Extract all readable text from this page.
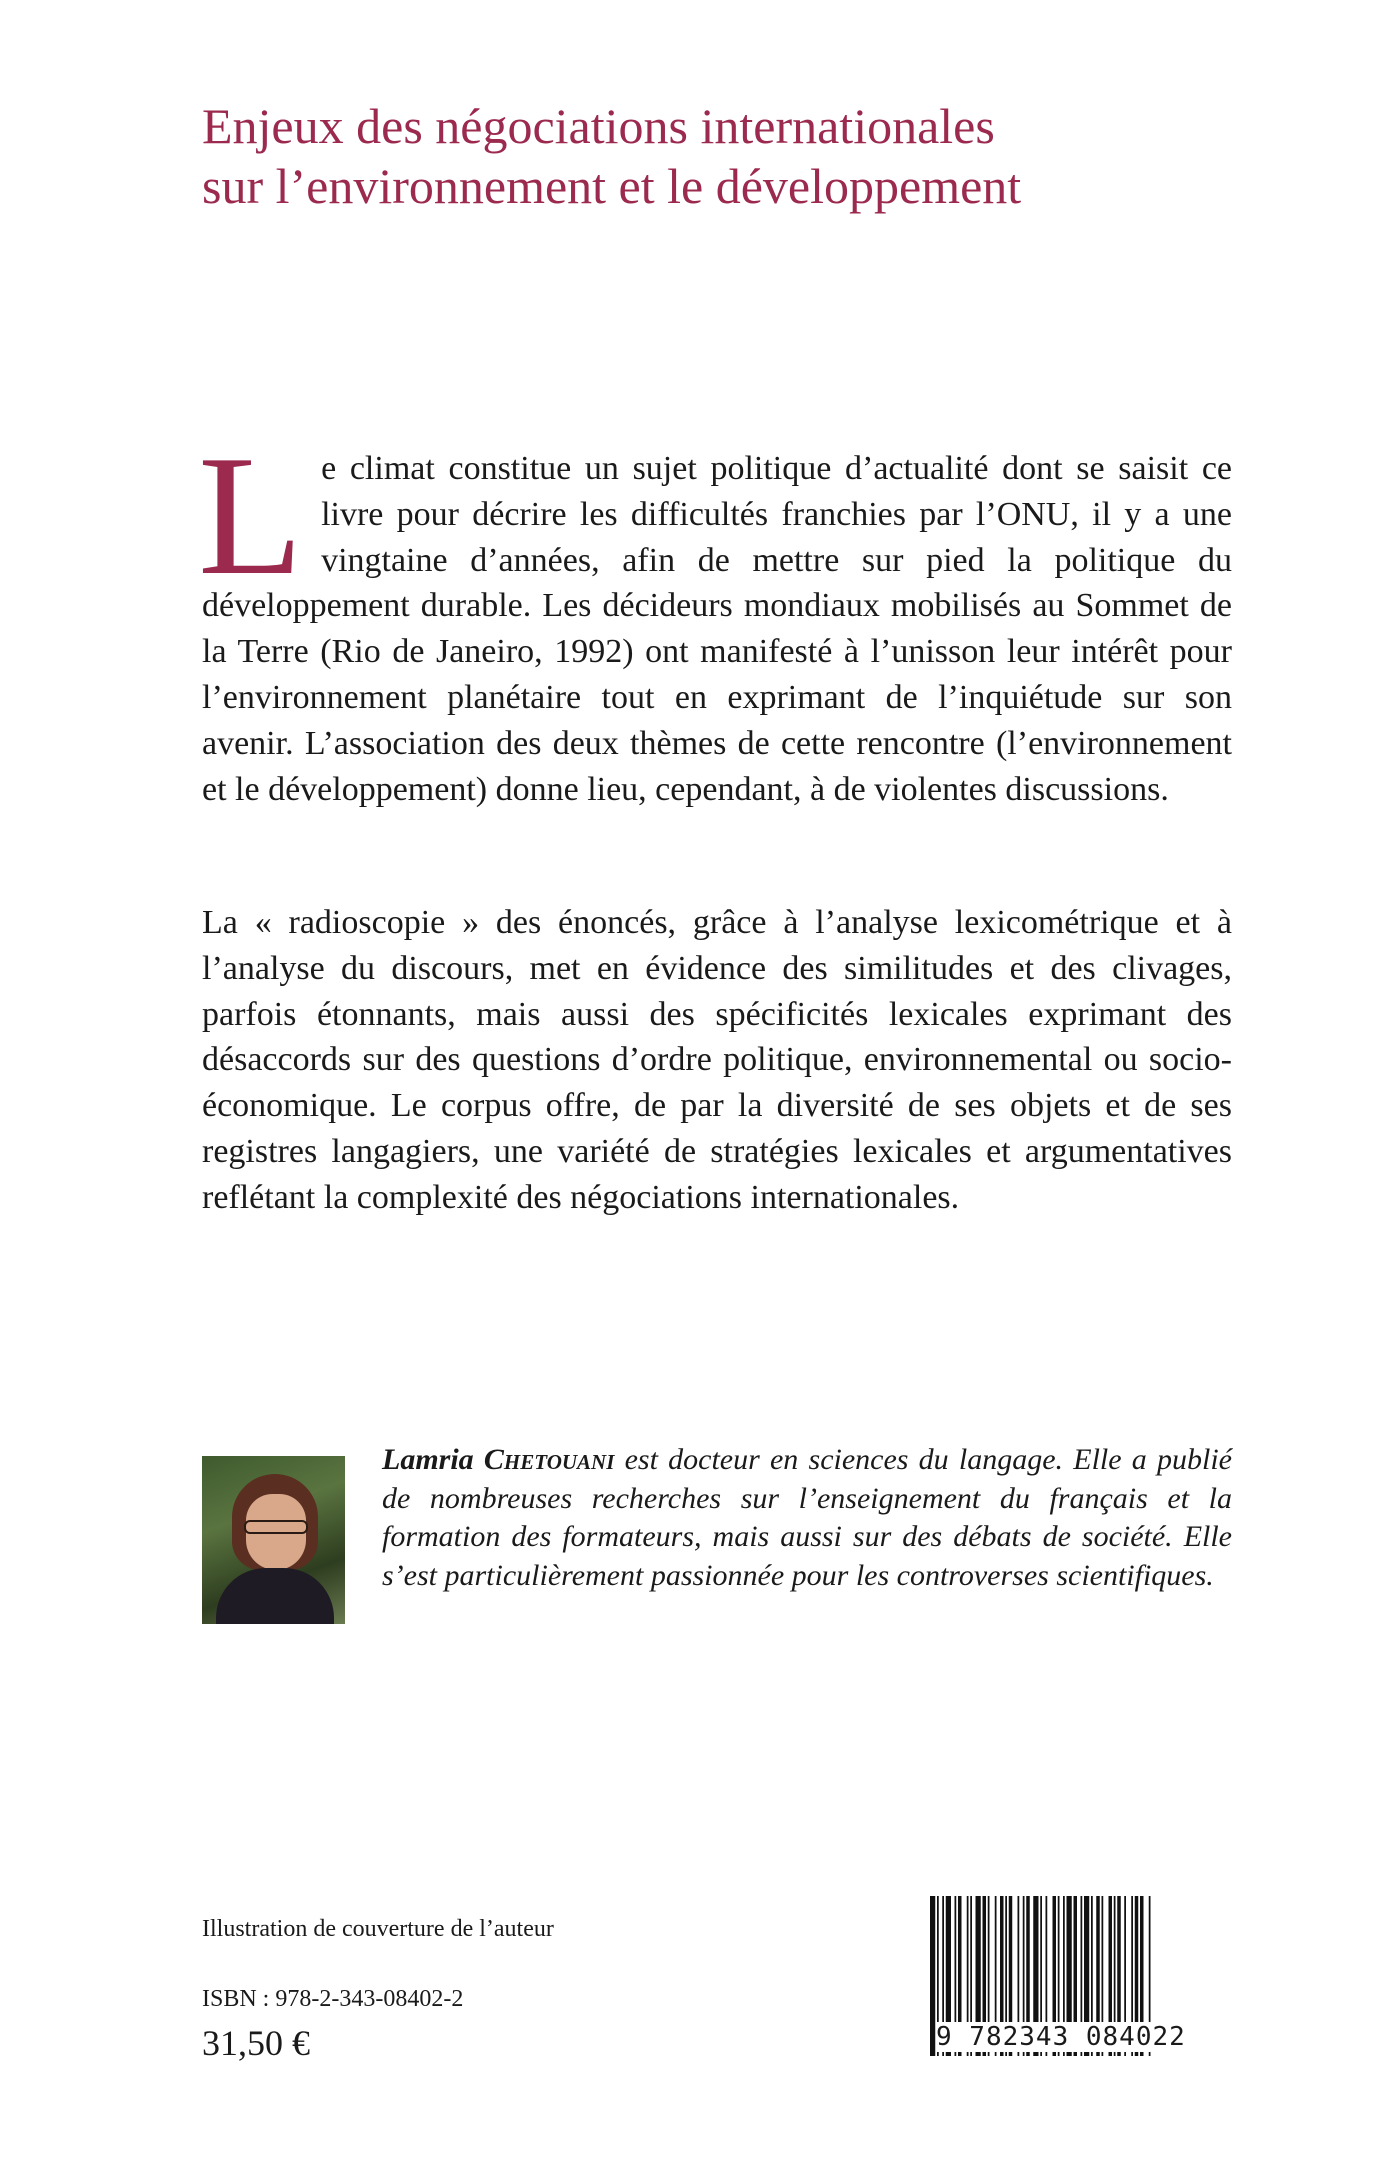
Enjeux des négociations internationales
sur l’environnement et le développement
Le climat constitue un sujet politique d’actualité dont se saisit ce livre pour décrire les difficultés franchies par l’ONU, il y a une vingtaine d’années, afin de mettre sur pied la politique du développement durable. Les décideurs mondiaux mobilisés au Sommet de la Terre (Rio de Janeiro, 1992) ont manifesté à l’unisson leur intérêt pour l’environnement planétaire tout en exprimant de l’inquiétude sur son avenir. L’association des deux thèmes de cette rencontre (l’environnement et le développement) donne lieu, cependant, à de violentes discussions.
La « radioscopie » des énoncés, grâce à l’analyse lexicométrique et à l’analyse du discours, met en évidence des similitudes et des clivages, parfois étonnants, mais aussi des spécificités lexicales exprimant des désaccords sur des questions d’ordre politique, environnemental ou socio-économique. Le corpus offre, de par la diversité de ses objets et de ses registres langagiers, une variété de stratégies lexicales et argumentatives reflétant la complexité des négociations internationales.
Lamria Chetouani est docteur en sciences du langage. Elle a publié de nombreuses recherches sur l’enseignement du français et la formation des formateurs, mais aussi sur des débats de société. Elle s’est particulièrement passionnée pour les controverses scientifiques.
Illustration de couverture de l’auteur
ISBN : 978-2-343-08402-2
31,50 €	9 782343 084022
